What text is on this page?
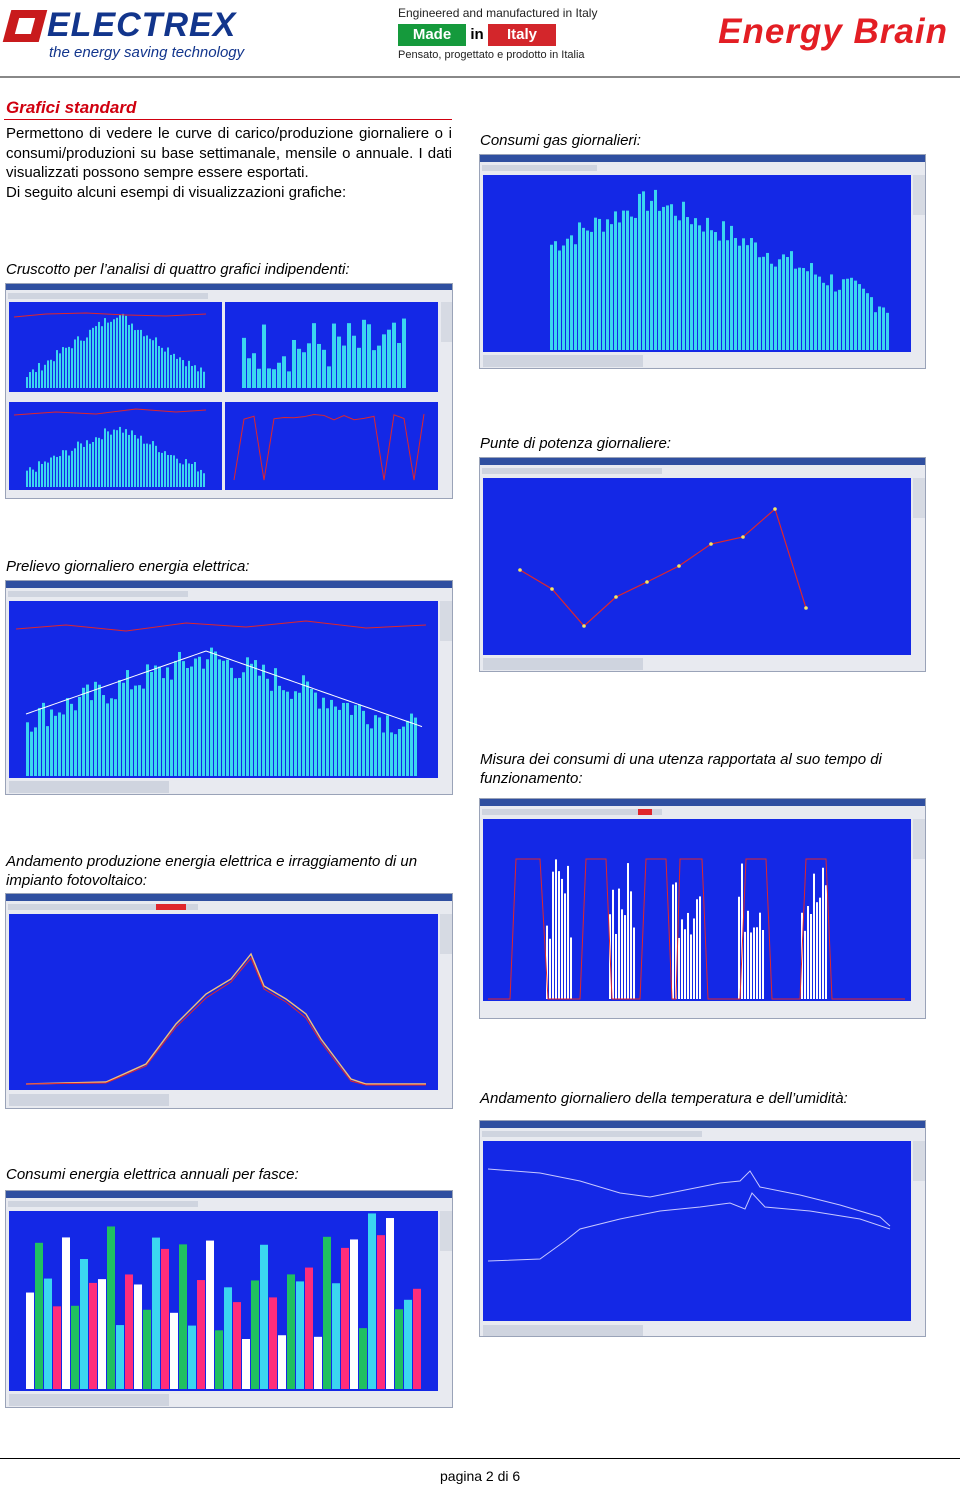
ELECTREX
the energy saving technology
Engineered and manufactured in Italy
Made	in	Italy
Pensato, progettato e prodotto in Italia
Energy Brain
Grafici standard
Permettono di vedere le curve di carico/produzione giornaliere o i consumi/produzioni su base settimanale, mensile o annuale. I dati visualizzati possono sempre essere esportati.
Di seguito alcuni esempi di visualizzazioni grafiche:
Consumi gas giornalieri:
Cruscotto per l’analisi di quattro grafici indipendenti:
Punte di potenza giornaliere:
Prelievo giornaliero energia elettrica:
Misura dei consumi di una utenza rapportata al suo tempo di funzionamento:
Andamento produzione energia elettrica e irraggiamento di un impianto fotovoltaico:
Andamento giornaliero della temperatura e dell’umidità:
Consumi energia elettrica annuali per fasce:
pagina 2 di 6
